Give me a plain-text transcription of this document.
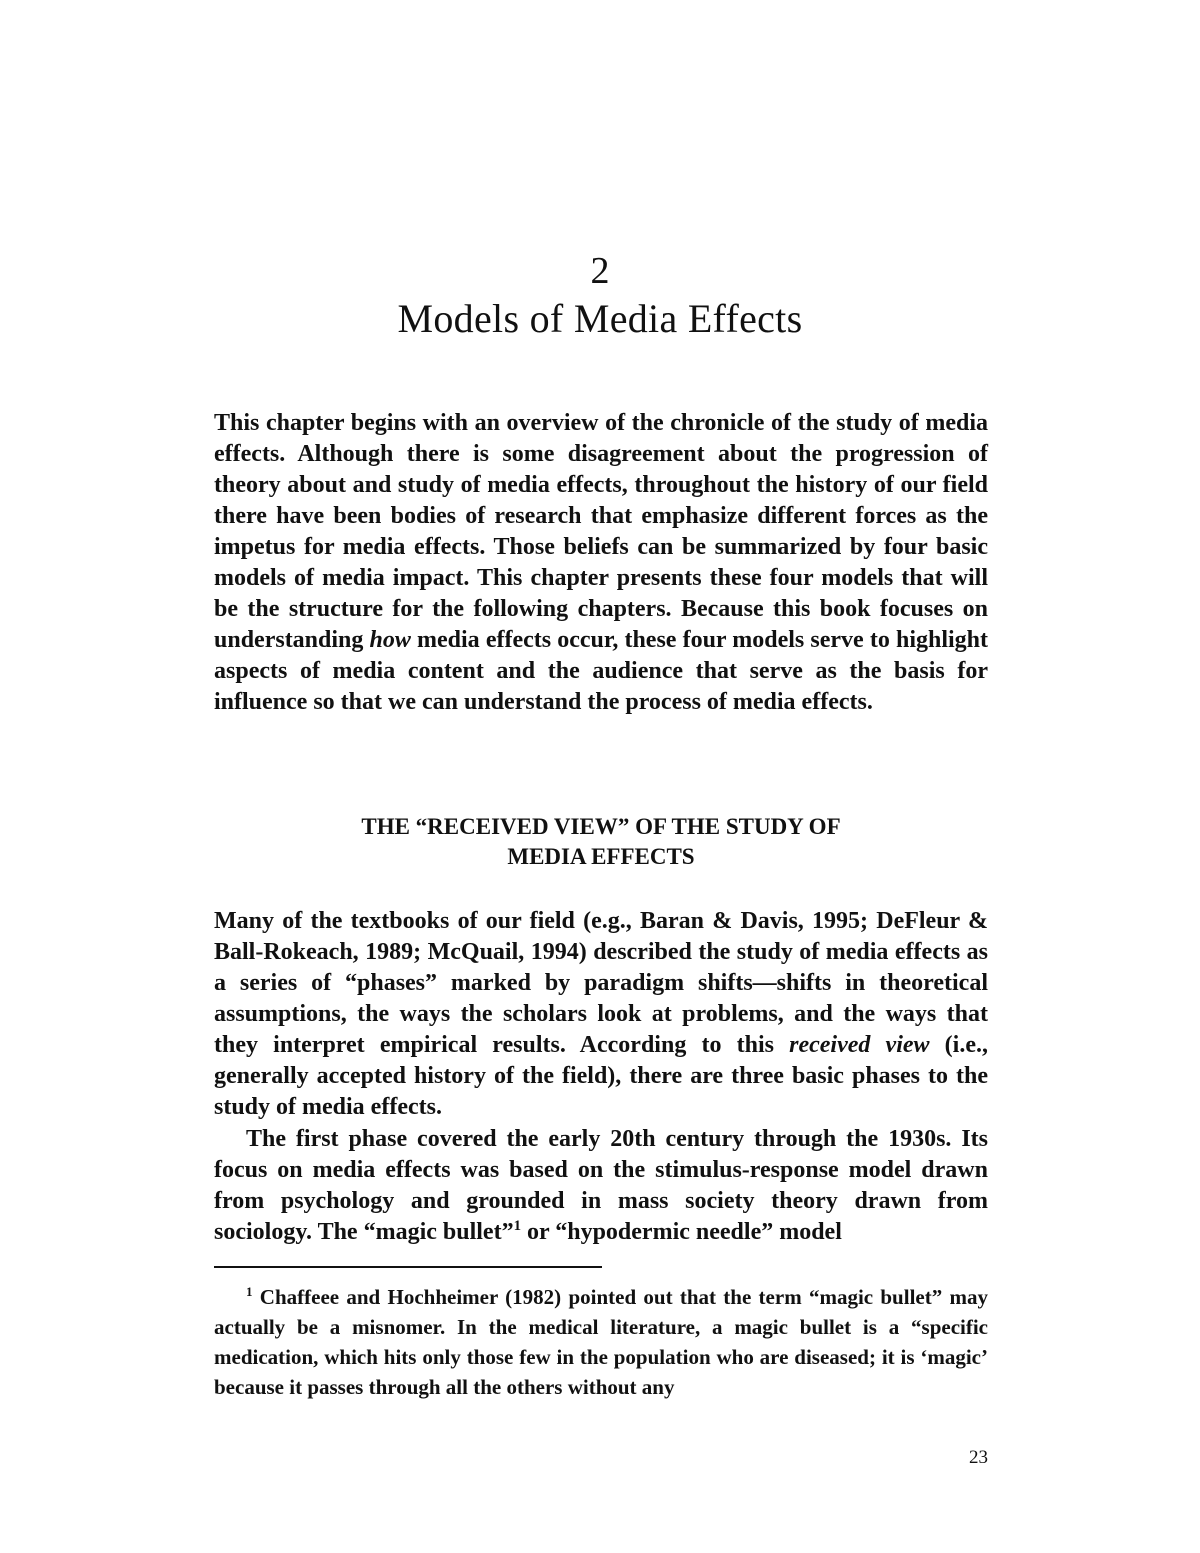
2
Models of Media Effects

This chapter begins with an overview of the chronicle of the study of media effects. Although there is some disagreement about the progression of theory about and study of media effects, throughout the history of our field there have been bodies of research that emphasize different forces as the impetus for media effects. Those beliefs can be summarized by four basic models of media impact. This chapter presents these four models that will be the structure for the following chapters. Because this book focuses on understanding how media effects occur, these four models serve to highlight aspects of media content and the audience that serve as the basis for influence so that we can understand the process of media effects.

THE “RECEIVED VIEW” OF THE STUDY OF
MEDIA EFFECTS

Many of the textbooks of our field (e.g., Baran & Davis, 1995; DeFleur & Ball-Rokeach, 1989; McQuail, 1994) described the study of media effects as a series of “phases” marked by paradigm shifts—shifts in theoretical assumptions, the ways the scholars look at problems, and the ways that they interpret empirical results. According to this received view (i.e., generally accepted history of the field), there are three basic phases to the study of media effects.

The first phase covered the early 20th century through the 1930s. Its focus on media effects was based on the stimulus-response model drawn from psychology and grounded in mass society theory drawn from sociology. The “magic bullet”$^1$ or “hypodermic needle” model

$^1$ Chaffeee and Hochheimer (1982) pointed out that the term “magic bullet” may actually be a misnomer. In the medical literature, a magic bullet is a “specific medication, which hits only those few in the population who are diseased; it is ‘magic’ because it passes through all the others without any

23
